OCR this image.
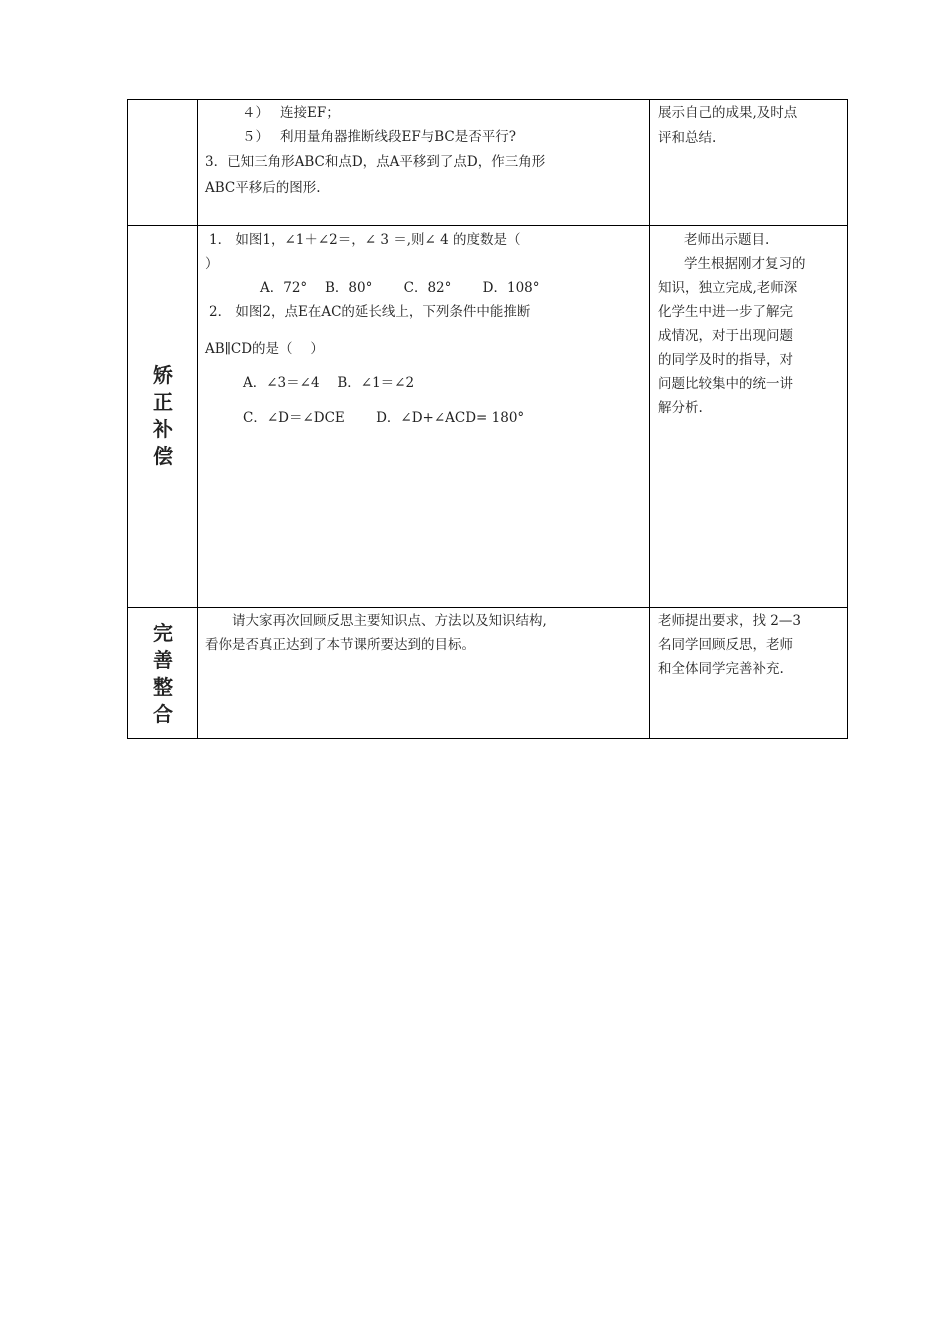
４）　 连接EF；
５）　 利用量角器推断线段EF与BC是否平行?
3．已知三角形ABC和点D，点A平移到了点D，作三角形
ABC平移后的图形.
展示自己的成果,及时点
评和总结.
矫
正
补
偿
1． 如图1，∠1＋∠2＝，∠ 3 ＝,则∠ 4 的度数是（
）
A．72°　 B．80°　　 C．82°　　 D．108°
2． 如图2，点E在AC的延长线上，下列条件中能推断
AB∥CD的是（　 ）
A．∠3＝∠4　 B．∠1＝∠2
C．∠D＝∠DCE　　 D．∠D+∠ACD= 180°
老师出示题目.
学生根据刚才复习的
知识，独立完成,老师深
化学生中进一步了解完
成情况，对于出现问题
的同学及时的指导，对
问题比较集中的统一讲
解分析.
完
善
整
合
请大家再次回顾反思主要知识点、方法以及知识结构,
看你是否真正达到了本节课所要达到的目标。
老师提出要求，找 2—3
名同学回顾反思，老师
和全体同学完善补充.
